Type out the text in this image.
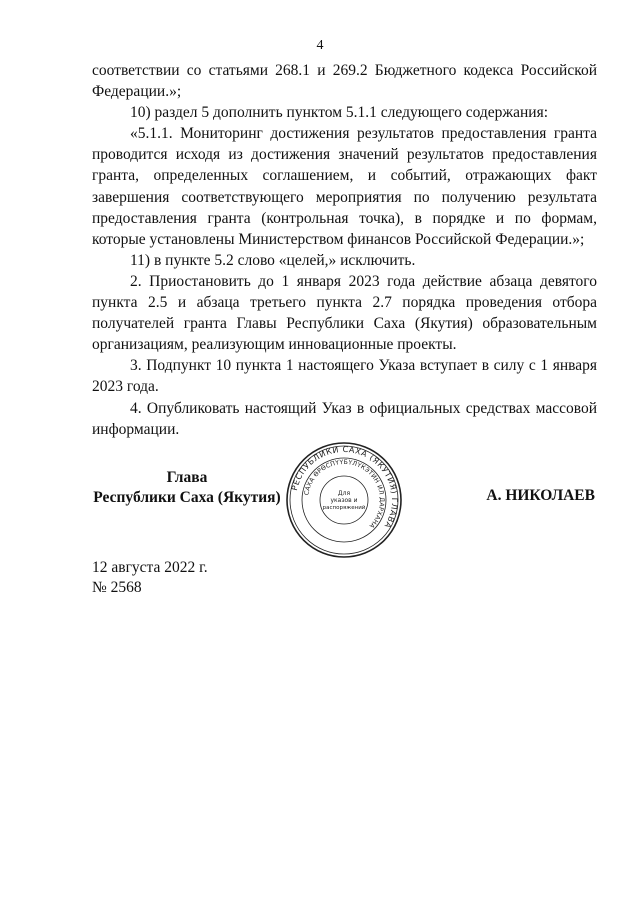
4

соответствии со статьями 268.1 и 269.2 Бюджетного кодекса Российской Федерации.»;

10) раздел 5 дополнить пунктом 5.1.1 следующего содержания:

«5.1.1. Мониторинг достижения результатов предоставления гранта проводится исходя из достижения значений результатов предоставления гранта, определенных соглашением, и событий, отражающих факт завершения соответствующего мероприятия по получению результата предоставления гранта (контрольная точка), в порядке и по формам, которые установлены Министерством финансов Российской Федерации.»;

11) в пункте 5.2 слово «целей,» исключить.

2. Приостановить до 1 января 2023 года действие абзаца девятого пункта 2.5 и абзаца третьего пункта 2.7 порядка проведения отбора получателей гранта Главы Республики Саха (Якутия) образовательным организациям, реализующим инновационные проекты.

3. Подпункт 10 пункта 1 настоящего Указа вступает в силу с 1 января 2023 года.

4. Опубликовать настоящий Указ в официальных средствах массовой информации.

Глава
Республики Саха (Якутия)
РЕСПУБЛИКИ САХА (ЯКУТИЯ) ГЛАВА
САХА ӨРӨСПҮҮБҮЛҮКЭТИН ИЛ ДАРХАНА
Для
указов и
распоряжений
А. НИКОЛАЕВ
12 августа 2022 г.
№ 2568
